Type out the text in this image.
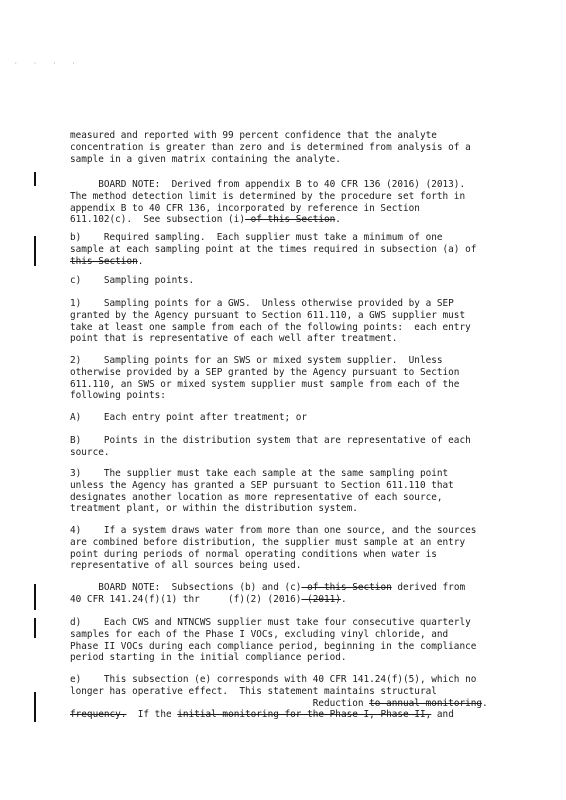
· · · ·
measured and reported with 99 percent confidence that the analyte
concentration is greater than zero and is determined from analysis of a
sample in a given matrix containing the analyte.
BOARD NOTE:  Derived from appendix B to 40 CFR 136 (2016) (2013).
The method detection limit is determined by the procedure set forth in
appendix B to 40 CFR 136, incorporated by reference in Section
611.102(c).  See subsection (i) of this Section.
b)    Required sampling.  Each supplier must take a minimum of one
sample at each sampling point at the times required in subsection (a) of
this Section.
c)    Sampling points.
1)    Sampling points for a GWS.  Unless otherwise provided by a SEP
granted by the Agency pursuant to Section 611.110, a GWS supplier must
take at least one sample from each of the following points:  each entry
point that is representative of each well after treatment.
2)    Sampling points for an SWS or mixed system supplier.  Unless
otherwise provided by a SEP granted by the Agency pursuant to Section
611.110, an SWS or mixed system supplier must sample from each of the
following points:
A)    Each entry point after treatment; or
B)    Points in the distribution system that are representative of each
source.
3)    The supplier must take each sample at the same sampling point
unless the Agency has granted a SEP pursuant to Section 611.110 that
designates another location as more representative of each source,
treatment plant, or within the distribution system.
4)    If a system draws water from more than one source, and the sources
are combined before distribution, the supplier must sample at an entry
point during periods of normal operating conditions when water is
representative of all sources being used.
BOARD NOTE:  Subsections (b) and (c) of this Section derived from
40 CFR 141.24(f)(1) thr     (f)(2) (2016) (2011).
d)    Each CWS and NTNCWS supplier must take four consecutive quarterly
samples for each of the Phase I VOCs, excluding vinyl chloride, and
Phase II VOCs during each compliance period, beginning in the compliance
period starting in the initial compliance period.
e)    This subsection (e) corresponds with 40 CFR 141.24(f)(5), which no
longer has operative effect.  This statement maintains structural
Reduction to annual monitoring.
frequency.  If the initial monitoring for the Phase I, Phase II, and
